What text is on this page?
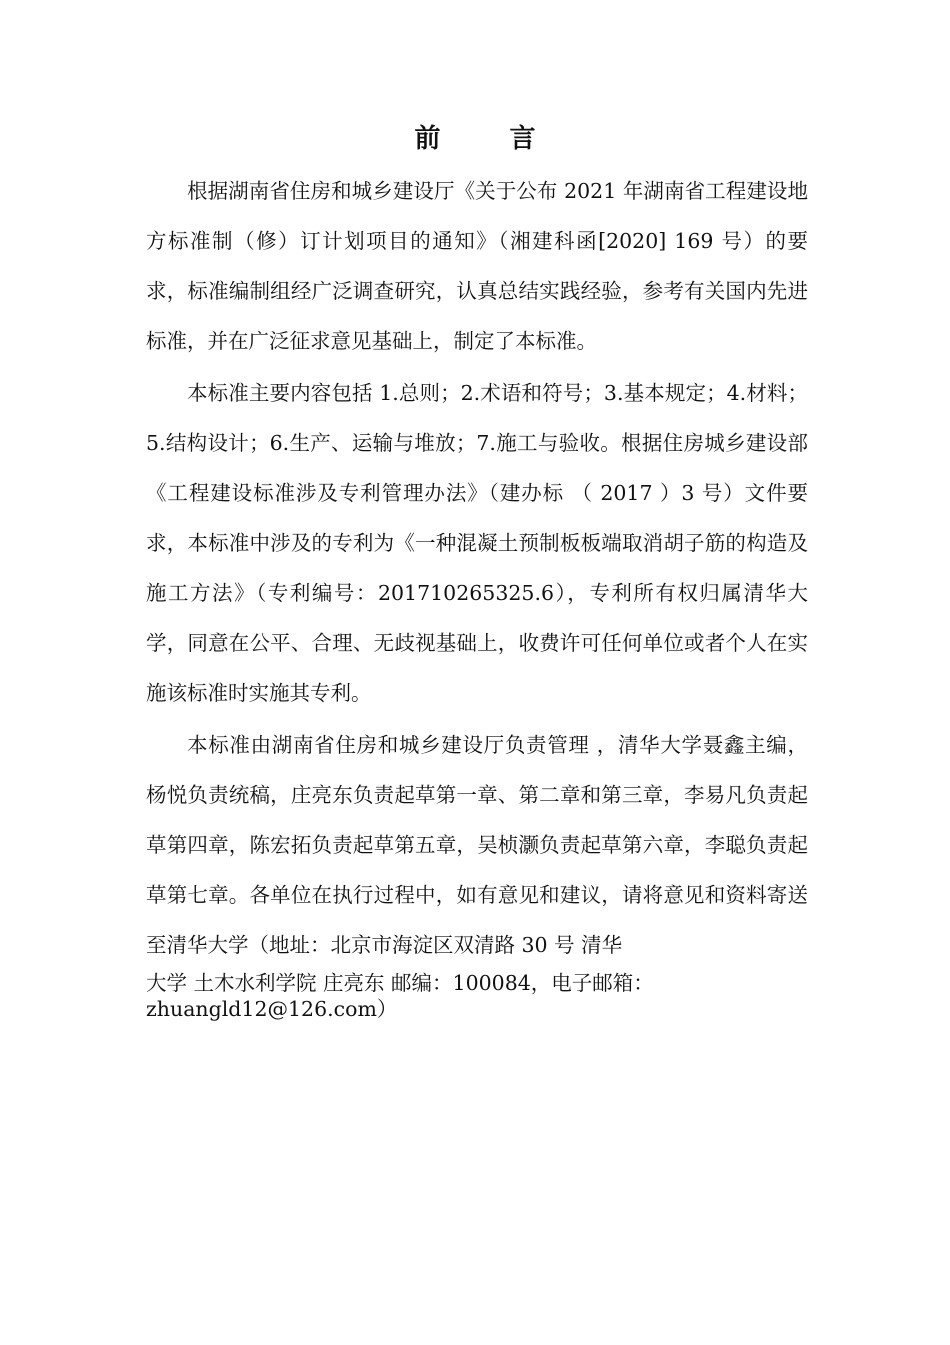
前 言

根据湖南省住房和城乡建设厅《关于公布 2021 年湖南省工程建设地方标准制（修）订计划项目的通知》（湘建科函[2020] 169 号）的要求，标准编制组经广泛调查研究，认真总结实践经验，参考有关国内先进标准，并在广泛征求意见基础上，制定了本标准。

本标准主要内容包括 1.总则；2.术语和符号；3.基本规定；4.材料；5.结构设计；6.生产、运输与堆放；7.施工与验收。根据住房城乡建设部《工程建设标准涉及专利管理办法》（建办标 （ 2017 ）3 号）文件要求，本标准中涉及的专利为《一种混凝土预制板板端取消胡子筋的构造及施工方法》（专利编号：201710265325.6），专利所有权归属清华大学，同意在公平、合理、无歧视基础上，收费许可任何单位或者个人在实施该标准时实施其专利。

本标准由湖南省住房和城乡建设厅负责管理 ，清华大学聂鑫主编，杨悦负责统稿，庄亮东负责起草第一章、第二章和第三章，李易凡负责起草第四章，陈宏拓负责起草第五章，吴桢灏负责起草第六章，李聪负责起草第七章。各单位在执行过程中，如有意见和建议，请将意见和资料寄送至清华大学（地址：北京市海淀区双清路 30 号 清华

大学 土木水利学院 庄亮东 邮编：100084，电子邮箱：

zhuangld12@126.com）
